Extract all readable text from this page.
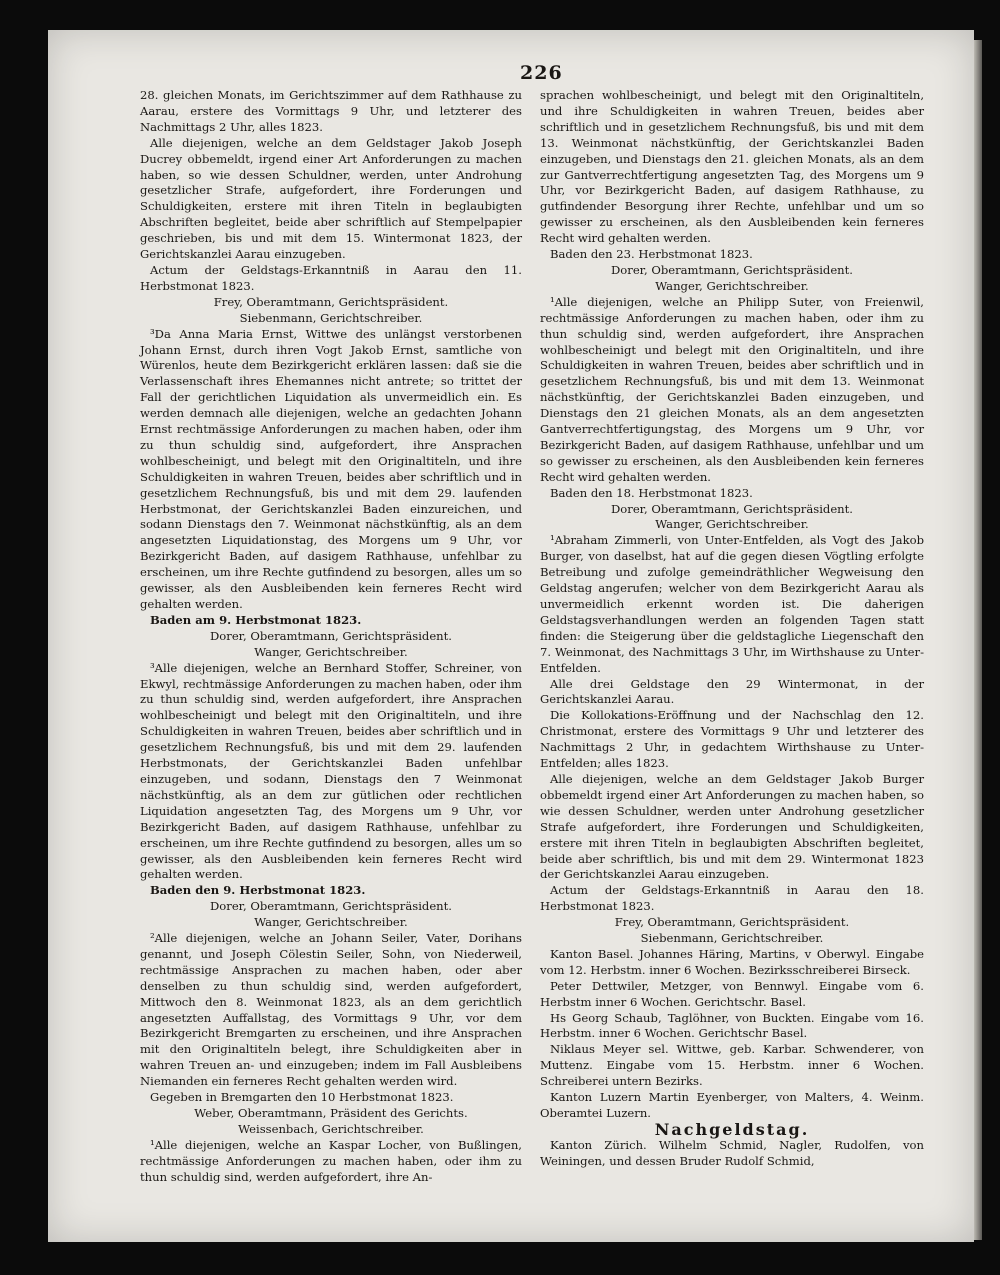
226

28. gleichen Monats, im Gerichtszimmer auf dem Rathhause zu Aarau, erstere des Vormittags 9 Uhr, und letzterer des Nachmittags 2 Uhr, alles 1823.

Alle diejenigen, welche an dem Geldstager Jakob Joseph Ducrey obbemeldt, irgend einer Art Anforderungen zu machen haben, so wie dessen Schuldner, werden, unter Androhung gesetzlicher Strafe, aufgefordert, ihre Forderungen und Schuldigkeiten, erstere mit ihren Titeln in beglaubigten Abschriften begleitet, beide aber schriftlich auf Stempelpapier geschrieben, bis und mit dem 15. Wintermonat 1823, der Gerichtskanzlei Aarau einzugeben.

Actum der Geldstags-Erkanntniß in Aarau den 11. Herbstmonat 1823.

Frey, Oberamtmann, Gerichtspräsident.

Siebenmann, Gerichtschreiber.

³Da Anna Maria Ernst, Wittwe des unlängst verstorbenen Johann Ernst, durch ihren Vogt Jakob Ernst, samtliche von Würenlos, heute dem Bezirkgericht erklären lassen: daß sie die Verlassenschaft ihres Ehemannes nicht antrete; so trittet der Fall der gerichtlichen Liquidation als unvermeidlich ein. Es werden demnach alle diejenigen, welche an gedachten Johann Ernst rechtmässige Anforderungen zu machen haben, oder ihm zu thun schuldig sind, aufgefordert, ihre Ansprachen wohlbescheinigt, und belegt mit den Originaltiteln, und ihre Schuldigkeiten in wahren Treuen, beides aber schriftlich und in gesetzlichem Rechnungsfuß, bis und mit dem 29. laufenden Herbstmonat, der Gerichtskanzlei Baden einzureichen, und sodann Dienstags den 7. Weinmonat nächstkünftig, als an dem angesetzten Liquidationstag, des Morgens um 9 Uhr, vor Bezirkgericht Baden, auf dasigem Rathhause, unfehlbar zu erscheinen, um ihre Rechte gutfindend zu besorgen, alles um so gewisser, als den Ausbleibenden kein ferneres Recht wird gehalten werden.

Baden am 9. Herbstmonat 1823.

Dorer, Oberamtmann, Gerichtspräsident.

Wanger, Gerichtschreiber.

³Alle diejenigen, welche an Bernhard Stoffer, Schreiner, von Ekwyl, rechtmässige Anforderungen zu machen haben, oder ihm zu thun schuldig sind, werden aufgefordert, ihre Ansprachen wohlbescheinigt und belegt mit den Originaltiteln, und ihre Schuldigkeiten in wahren Treuen, beides aber schriftlich und in gesetzlichem Rechnungsfuß, bis und mit dem 29. laufenden Herbstmonats, der Gerichtskanzlei Baden unfehlbar einzugeben, und sodann, Dienstags den 7 Weinmonat nächstkünftig, als an dem zur gütlichen oder rechtlichen Liquidation angesetzten Tag, des Morgens um 9 Uhr, vor Bezirkgericht Baden, auf dasigem Rathhause, unfehlbar zu erscheinen, um ihre Rechte gutfindend zu besorgen, alles um so gewisser, als den Ausbleibenden kein ferneres Recht wird gehalten werden.

Baden den 9. Herbstmonat 1823.

Dorer, Oberamtmann, Gerichtspräsident.

Wanger, Gerichtschreiber.

²Alle diejenigen, welche an Johann Seiler, Vater, Dorihans genannt, und Joseph Cölestin Seiler, Sohn, von Niederweil, rechtmässige Ansprachen zu machen haben, oder aber denselben zu thun schuldig sind, werden aufgefordert, Mittwoch den 8. Weinmonat 1823, als an dem gerichtlich angesetzten Auffallstag, des Vormittags 9 Uhr, vor dem Bezirkgericht Bremgarten zu erscheinen, und ihre Ansprachen mit den Originaltiteln belegt, ihre Schuldigkeiten aber in wahren Treuen an- und einzugeben; indem im Fall Ausbleibens Niemanden ein ferneres Recht gehalten werden wird.

Gegeben in Bremgarten den 10 Herbstmonat 1823.

Weber, Oberamtmann, Präsident des Gerichts.

Weissenbach, Gerichtschreiber.

¹Alle diejenigen, welche an Kaspar Locher, von Bußlingen, rechtmässige Anforderungen zu machen haben, oder ihm zu thun schuldig sind, werden aufgefordert, ihre An-

sprachen wohlbescheinigt, und belegt mit den Originaltiteln, und ihre Schuldigkeiten in wahren Treuen, beides aber schriftlich und in gesetzlichem Rechnungsfuß, bis und mit dem 13. Weinmonat nächstkünftig, der Gerichtskanzlei Baden einzugeben, und Dienstags den 21. gleichen Monats, als an dem zur Gantverrechtfertigung angesetzten Tag, des Morgens um 9 Uhr, vor Bezirkgericht Baden, auf dasigem Rathhause, zu gutfindender Besorgung ihrer Rechte, unfehlbar und um so gewisser zu erscheinen, als den Ausbleibenden kein ferneres Recht wird gehalten werden.

Baden den 23. Herbstmonat 1823.

Dorer, Oberamtmann, Gerichtspräsident.

Wanger, Gerichtschreiber.

¹Alle diejenigen, welche an Philipp Suter, von Freienwil, rechtmässige Anforderungen zu machen haben, oder ihm zu thun schuldig sind, werden aufgefordert, ihre Ansprachen wohlbescheinigt und belegt mit den Originaltiteln, und ihre Schuldigkeiten in wahren Treuen, beides aber schriftlich und in gesetzlichem Rechnungsfuß, bis und mit dem 13. Weinmonat nächstkünftig, der Gerichtskanzlei Baden einzugeben, und Dienstags den 21 gleichen Monats, als an dem angesetzten Gantverrechtfertigungstag, des Morgens um 9 Uhr, vor Bezirkgericht Baden, auf dasigem Rathhause, unfehlbar und um so gewisser zu erscheinen, als den Ausbleibenden kein ferneres Recht wird gehalten werden.

Baden den 18. Herbstmonat 1823.

Dorer, Oberamtmann, Gerichtspräsident.

Wanger, Gerichtschreiber.

¹Abraham Zimmerli, von Unter-Entfelden, als Vogt des Jakob Burger, von daselbst, hat auf die gegen diesen Vögtling erfolgte Betreibung und zufolge gemeindräthlicher Wegweisung den Geldstag angerufen; welcher von dem Bezirkgericht Aarau als unvermeidlich erkennt worden ist. Die daherigen Geldstagsverhandlungen werden an folgenden Tagen statt finden: die Steigerung über die geldstagliche Liegenschaft den 7. Weinmonat, des Nachmittags 3 Uhr, im Wirthshause zu Unter-Entfelden.

Alle drei Geldstage den 29 Wintermonat, in der Gerichtskanzlei Aarau.

Die Kollokations-Eröffnung und der Nachschlag den 12. Christmonat, erstere des Vormittags 9 Uhr und letzterer des Nachmittags 2 Uhr, in gedachtem Wirthshause zu Unter-Entfelden; alles 1823.

Alle diejenigen, welche an dem Geldstager Jakob Burger obbemeldt irgend einer Art Anforderungen zu machen haben, so wie dessen Schuldner, werden unter Androhung gesetzlicher Strafe aufgefordert, ihre Forderungen und Schuldigkeiten, erstere mit ihren Titeln in beglaubigten Abschriften begleitet, beide aber schriftlich, bis und mit dem 29. Wintermonat 1823 der Gerichtskanzlei Aarau einzugeben.

Actum der Geldstags-Erkanntniß in Aarau den 18. Herbstmonat 1823.

Frey, Oberamtmann, Gerichtspräsident.

Siebenmann, Gerichtschreiber.

Kanton Basel. Johannes Häring, Martins, v Oberwyl. Eingabe vom 12. Herbstm. inner 6 Wochen. Bezirksschreiberei Birseck.

Peter Dettwiler, Metzger, von Bennwyl. Eingabe vom 6. Herbstm inner 6 Wochen. Gerichtschr. Basel.

Hs Georg Schaub, Taglöhner, von Buckten. Eingabe vom 16. Herbstm. inner 6 Wochen. Gerichtschr Basel.

Niklaus Meyer sel. Wittwe, geb. Karbar. Schwenderer, von Muttenz. Eingabe vom 15. Herbstm. inner 6 Wochen. Schreiberei untern Bezirks.

Kanton Luzern Martin Eyenberger, von Malters, 4. Weinm. Oberamtei Luzern.

Nachgeldstag.

Kanton Zürich. Wilhelm Schmid, Nagler, Rudolfen, von Weiningen, und dessen Bruder Rudolf Schmid,
